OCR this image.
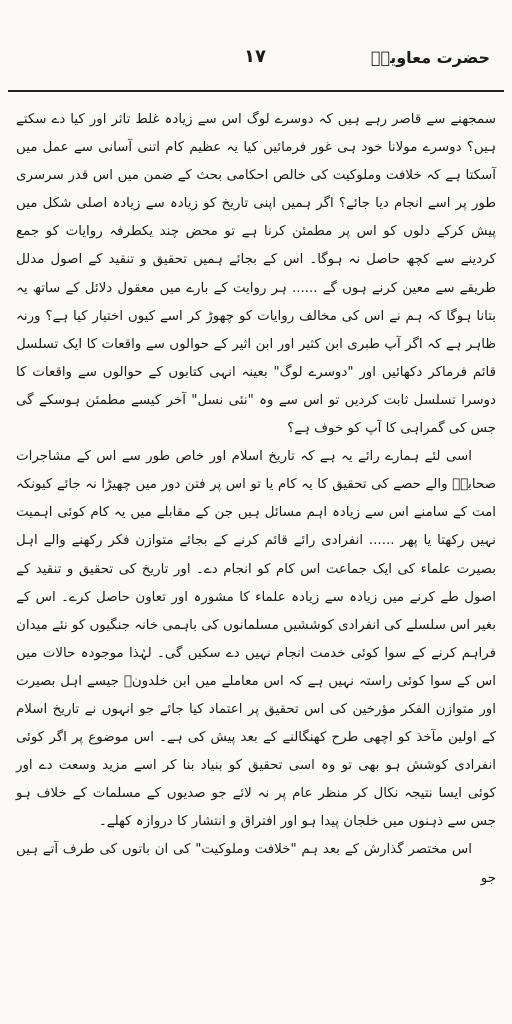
حضرت معاویہؓ
۱۷

سمجھنے سے قاصر رہے ہیں کہ دوسرے لوگ اس سے زیادہ غلط تاثر اور کیا دے سکتے ہیں؟ دوسرے مولانا خود ہی غور فرمائیں کیا یہ عظیم کام اتنی آسانی سے عمل میں آسکتا ہے کہ خلافت وملوکیت کی خالص احکامی بحث کے ضمن میں اس قدر سرسری طور پر اسے انجام دیا جائے؟ اگر ہمیں اپنی تاریخ کو زیادہ سے زیادہ اصلی شکل میں پیش کرکے دلوں کو اس پر مطمئن کرنا ہے تو محض چند یکطرفہ روایات کو جمع کردینے سے کچھ حاصل نہ ہوگا۔ اس کے بجائے ہمیں تحقیق و تنقید کے اصول مدلل طریقے سے معین کرنے ہوں گے ...... ہر روایت کے بارے میں معقول دلائل کے ساتھ یہ بتانا ہوگا کہ ہم نے اس کی مخالف روایات کو چھوڑ کر اسے کیوں اختیار کیا ہے؟ ورنہ ظاہر ہے کہ اگر آپ طبری ابن کثیر اور ابن اثیر کے حوالوں سے واقعات کا ایک تسلسل قائم فرماکر دکھائیں اور "دوسرے لوگ" بعینہ انہی کتابوں کے حوالوں سے واقعات کا دوسرا تسلسل ثابت کردیں تو اس سے وہ "نئی نسل" آخر کیسے مطمئن ہوسکے گی جس کی گمراہی کا آپ کو خوف ہے؟

اسی لئے ہمارے رائے یہ ہے کہ تاریخ اسلام اور خاص طور سے اس کے مشاجرات صحابہؓ والے حصے کی تحقیق کا یہ کام یا تو اس پر فتن دور میں چھیڑا نہ جائے کیونکہ امت کے سامنے اس سے زیادہ اہم مسائل ہیں جن کے مقابلے میں یہ کام کوئی اہمیت نہیں رکھتا یا پھر ...... انفرادی رائے قائم کرنے کے بجائے متوازن فکر رکھنے والے اہل بصیرت علماء کی ایک جماعت اس کام کو انجام دے۔ اور تاریخ کی تحقیق و تنقید کے اصول طے کرنے میں زیادہ سے زیادہ علماء کا مشورہ اور تعاون حاصل کرے۔ اس کے بغیر اس سلسلے کی انفرادی کوششیں مسلمانوں کی باہمی خانہ جنگیوں کو نئے میدان فراہم کرنے کے سوا کوئی خدمت انجام نہیں دے سکیں گی۔ لہٰذا موجودہ حالات میں اس کے سوا کوئی راستہ نہیں ہے کہ اس معاملے میں ابن خلدونؒ جیسے اہل بصیرت اور متوازن الفکر مؤرخین کی اس تحقیق پر اعتماد کیا جائے جو انہوں نے تاریخ اسلام کے اولین مآخذ کو اچھی طرح کھنگالنے کے بعد پیش کی ہے۔ اس موضوع پر اگر کوئی انفرادی کوشش ہو بھی تو وہ اسی تحقیق کو بنیاد بنا کر اسے مزید وسعت دے اور کوئی ایسا نتیجہ نکال کر منظر عام پر نہ لائے جو صدیوں کے مسلمات کے خلاف ہو جس سے ذہنوں میں خلجان پیدا ہو اور افتراق و انتشار کا دروازہ کھلے۔

اس مختصر گذارش کے بعد ہم "خلافت وملوکیت" کی ان باتوں کی طرف آتے ہیں جو
